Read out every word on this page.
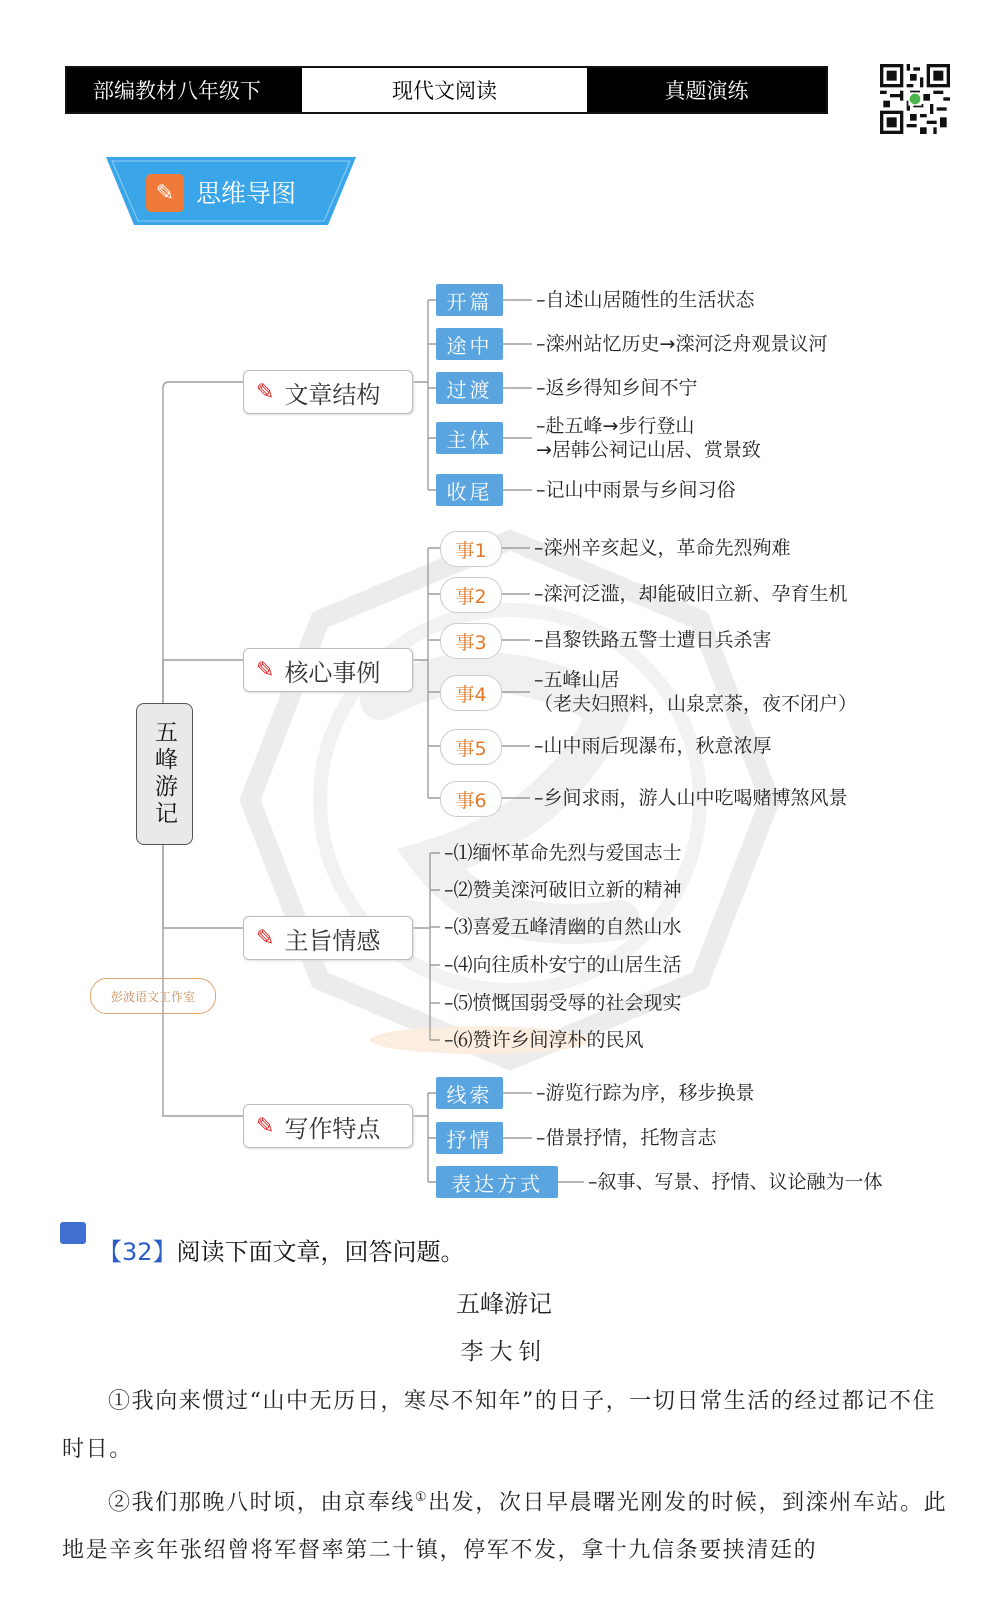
部编教材八年级下	现代文阅读	真题演练
✎ 思维导图
五峰游记
彭波语文工作室
✎ 文章结构
开篇	–自述山居随性的生活状态
途中	–滦州站忆历史→滦河泛舟观景议河
过渡	–返乡得知乡间不宁
主体
–赴五峰→步行登山
→居韩公祠记山居、赏景致
收尾	–记山中雨景与乡间习俗
✎ 核心事例
事1	–滦州辛亥起义，革命先烈殉难
事2	–滦河泛滥，却能破旧立新、孕育生机
事3	–昌黎铁路五警士遭日兵杀害
事4
–五峰山居
（老夫妇照料，山泉烹茶，夜不闭户）
事5	–山中雨后现瀑布，秋意浓厚
事6	–乡间求雨，游人山中吃喝赌博煞风景
✎ 主旨情感
–⑴缅怀革命先烈与爱国志士
–⑵赞美滦河破旧立新的精神
–⑶喜爱五峰清幽的自然山水
–⑷向往质朴安宁的山居生活
–⑸愤慨国弱受辱的社会现实
–⑹赞许乡间淳朴的民风
✎ 写作特点
线索	–游览行踪为序，移步换景
抒情	–借景抒情，托物言志
表达方式	–叙事、写景、抒情、议论融为一体
【32】阅读下面文章，回答问题。
五峰游记
李大钊
①我向来惯过“山中无历日，寒尽不知年”的日子，一切日常生活的经过都记不住时日。
②我们那晚八时顷，由京奉线①出发，次日早晨曙光刚发的时候，到滦州车站。此地是辛亥年张绍曾将军督率第二十镇，停军不发，拿十九信条要挟清廷的
